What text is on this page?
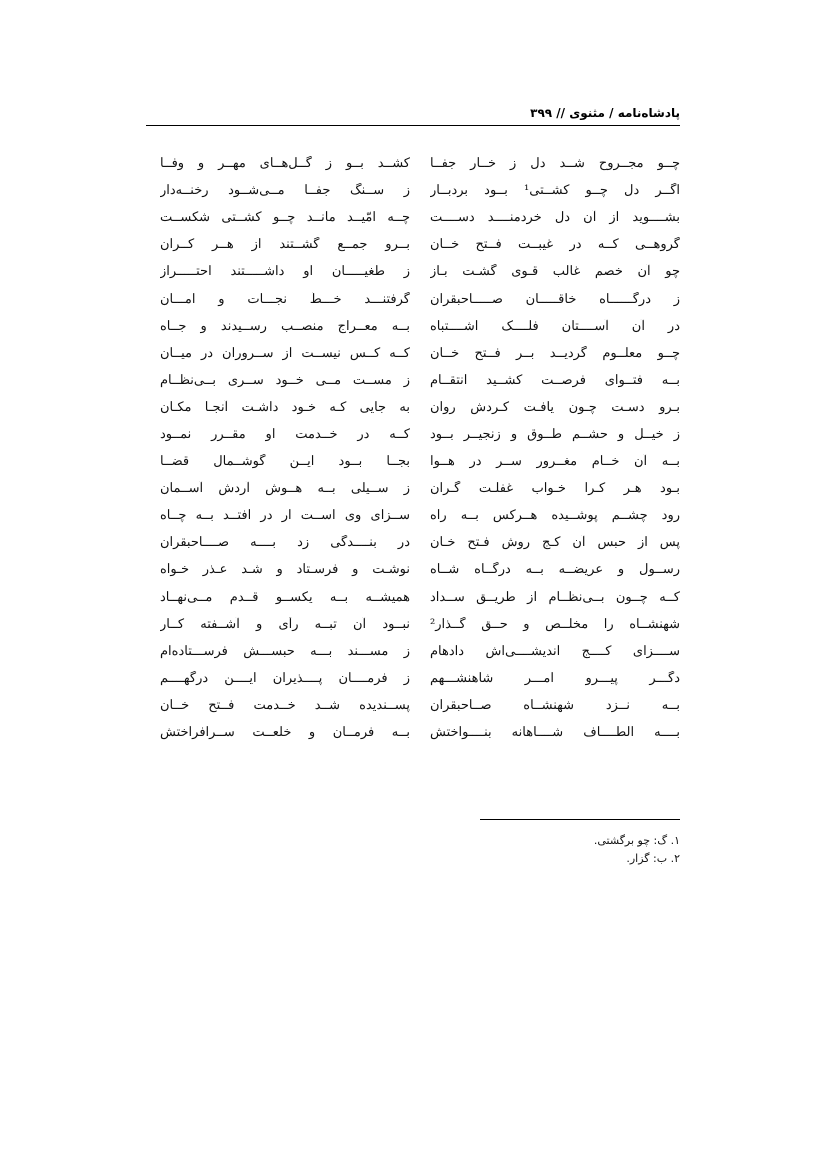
پادشاه‌نامه / مثنوی // ۳۹۹
چــو مجــروح شــد دل ز خــار جفــا
کشــد بــو ز گــل‌هــای مهــر و وفــا
اگــر دل چــو کشــتی¹ بــود بردبــار
ز ســنگ جفــا مــی‌شــود رخنــه‌دار
بشــــوید از آن دل خردمنــــد دســــت
چــه امّیــد مانــد چــو کشــتی شکســت
گروهــی کــه در غیبــت فــتح خــان
بــرو جمــع گشــتند از هــر کــران
چو آن خصم غالب قـوی گشـت بـاز
ز طغیـــــان او داشـــــتند احتـــــراز
ز درگــــــاه خاقـــــان صـــــاحبقران
گرفتنـــد خـــطّ نجـــات و امـــان
در آن آســــتان فلــــک اشــــتباه
بــه معــراج منصــب رســیدند و جــاه
چــو معلــوم گردیــد بــر فــتح خــان
کــه کــس نیســت از ســروران در میــان
بــه فتــوای فرصــت کشــید انتقــام
ز مســت مــی خــود ســری بــی‌نظــام
بـرو دسـت چـون یافـت کـردش روان
به جایی کـه خـود داشـت آنجـا مکـان
ز خیــل و حشــم طــوق و زنجیــر بــود
کــه در خــدمت او مقــرر نمــود
بــه آن خــام مغــرور ســر در هــوا
بجــا بــود ایــن گوشــمال قضــا
بـود هـر کـرا خـواب غفلـت گـران
ز ســیلی بــه هــوش آردش آســمان
رود چشــم پوشــیده هــرکس بــه راه
ســزای وی اســت ار در افتــد بــه چــاه
پس از حبس آن کـج روش فـتح خـان
در بنــــدگی زد بــــه صــــاحبقران
رســول و عریضــه بــه درگــاه شــاه
نوشـت و فرسـتاد و شـد عـذر خـواه
کــه چــون بــی‌نظــام از طریــق ســداد
همیشــه بــه یکســو قــدم مــی‌نهــاد
شهنشــاه را مخلــص و حــق گــذار²
نبــود آن تبــه رأی و آشــفته کــار
ســــزای کــــج اندیشــــی‌اش دادهام
ز مســـند بـــه حبســـش فرســـتاده‌ام
دگـــر پیـــرو امـــر شاهنشـــهم
ز فرمــــان پــــذیران ایــــن درگهــــم
بــه نــزد شهنشــاه صــاحبقران
پســندیده شــد خــدمت فــتح خــان
بــــه الطــــاف شــــاهانه بنــــواختش
بــه فرمــان و خلعــت ســرافراختش
۱. گ: چو برگشتی.
۲. ب: گزار.
